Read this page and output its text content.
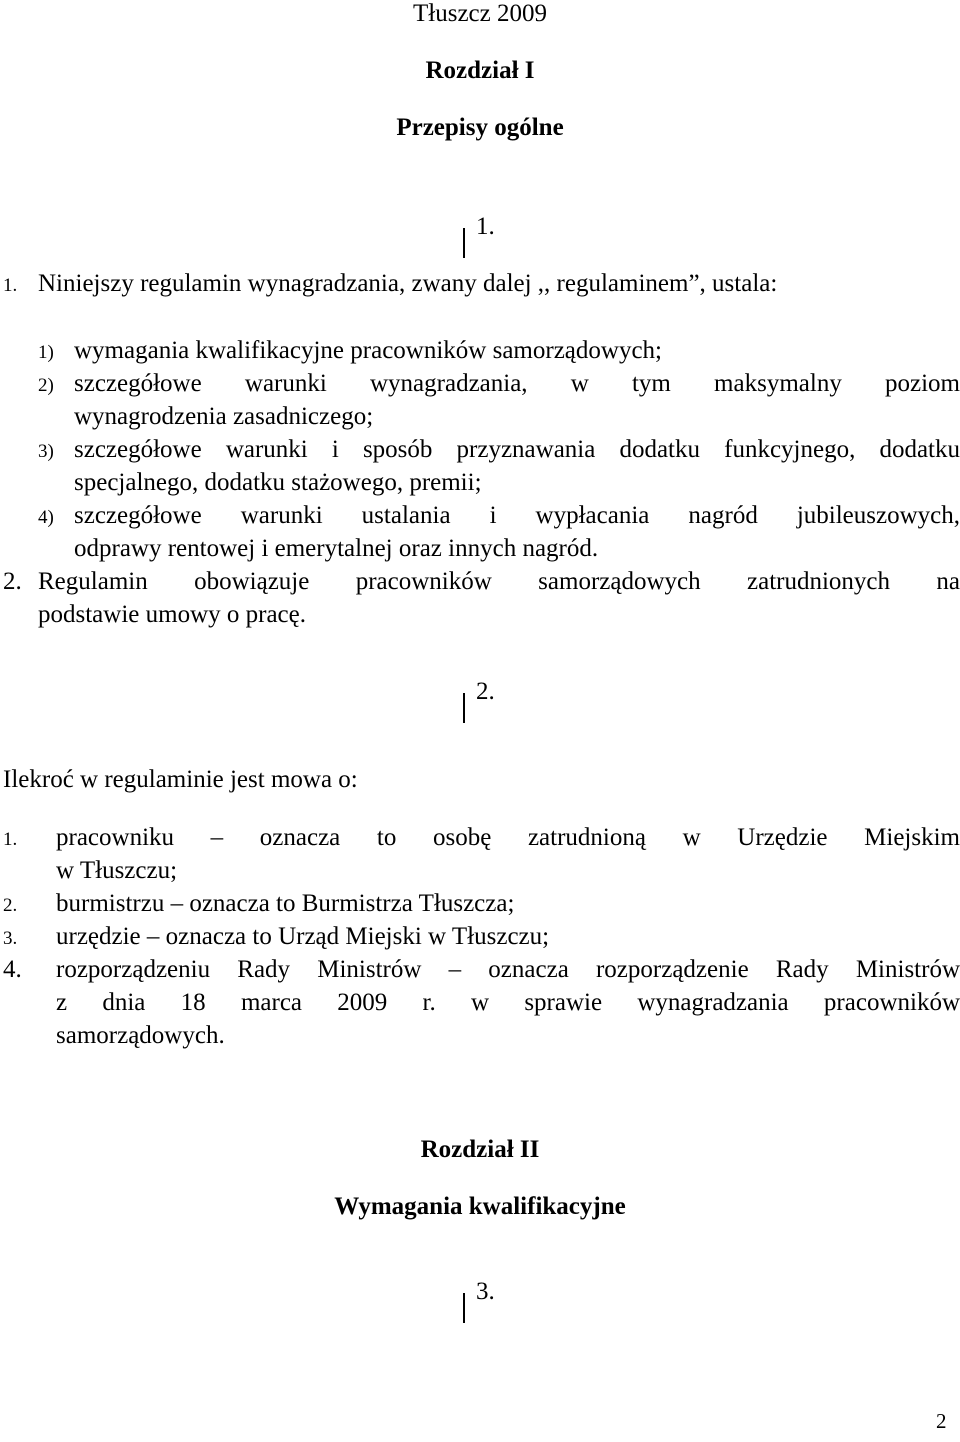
Tłuszcz 2009
Rozdział I
Przepisy ogólne
1.
1. Niniejszy regulamin wynagradzania, zwany dalej ,, regulaminem”, ustala:
1) wymagania kwalifikacyjne pracowników samorządowych;
2) szczegółowe warunki wynagradzania, w tym maksymalny poziom
wynagrodzenia zasadniczego;
3) szczegółowe warunki i sposób przyznawania dodatku funkcyjnego, dodatku
specjalnego, dodatku stażowego, premii;
4) szczegółowe warunki ustalania i wypłacania nagród jubileuszowych,
odprawy rentowej i emerytalnej oraz innych nagród.
2. Regulamin obowiązuje pracowników samorządowych zatrudnionych na
podstawie umowy o pracę.
2.
Ilekroć w regulaminie jest mowa o:
1. pracowniku – oznacza to osobę zatrudnioną w Urzędzie Miejskim
w Tłuszczu;
2. burmistrzu – oznacza to Burmistrza Tłuszcza;
3. urzędzie – oznacza to Urząd Miejski w Tłuszczu;
4. rozporządzeniu Rady Ministrów – oznacza rozporządzenie Rady Ministrów
z dnia 18 marca 2009 r. w sprawie wynagradzania pracowników
samorządowych.
Rozdział II
Wymagania kwalifikacyjne
3.
2
